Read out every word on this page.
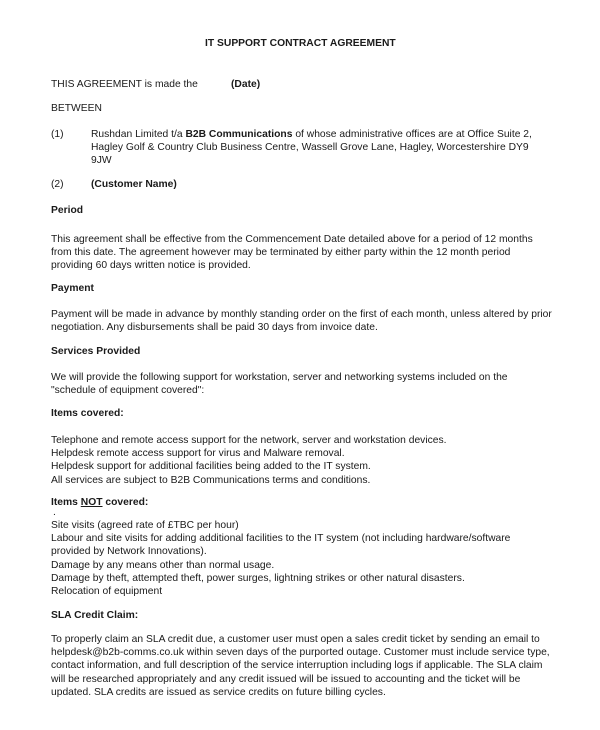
IT SUPPORT CONTRACT AGREEMENT
THIS AGREEMENT is made the	(Date)
BETWEEN
(1)	Rushdan Limited t/a B2B Communications of whose administrative offices are at Office Suite 2,
Hagley Golf & Country Club Business Centre, Wassell Grove Lane, Hagley, Worcestershire DY9
9JW
(2)	(Customer Name)
Period
This agreement shall be effective from the Commencement Date detailed above for a period of 12 months
from this date. The agreement however may be terminated by either party within the 12 month period
providing 60 days written notice is provided.
Payment
Payment will be made in advance by monthly standing order on the first of each month, unless altered by prior
negotiation. Any disbursements shall be paid 30 days from invoice date.
Services Provided
We will provide the following support for workstation, server and networking systems included on the
"schedule of equipment covered":
Items covered:
Telephone and remote access support for the network, server and workstation devices.
Helpdesk remote access support for virus and Malware removal.
Helpdesk support for additional facilities being added to the IT system.
All services are subject to B2B Communications terms and conditions.
Items NOT covered:
.
Site visits (agreed rate of £TBC per hour)
Labour and site visits for adding additional facilities to the IT system (not including hardware/software
provided by Network Innovations).
Damage by any means other than normal usage.
Damage by theft, attempted theft, power surges, lightning strikes or other natural disasters.
Relocation of equipment
SLA Credit Claim:
To properly claim an SLA credit due, a customer user must open a sales credit ticket by sending an email to
helpdesk@b2b-comms.co.uk within seven days of the purported outage. Customer must include service type,
contact information, and full description of the service interruption including logs if applicable. The SLA claim
will be researched appropriately and any credit issued will be issued to accounting and the ticket will be
updated. SLA credits are issued as service credits on future billing cycles.
